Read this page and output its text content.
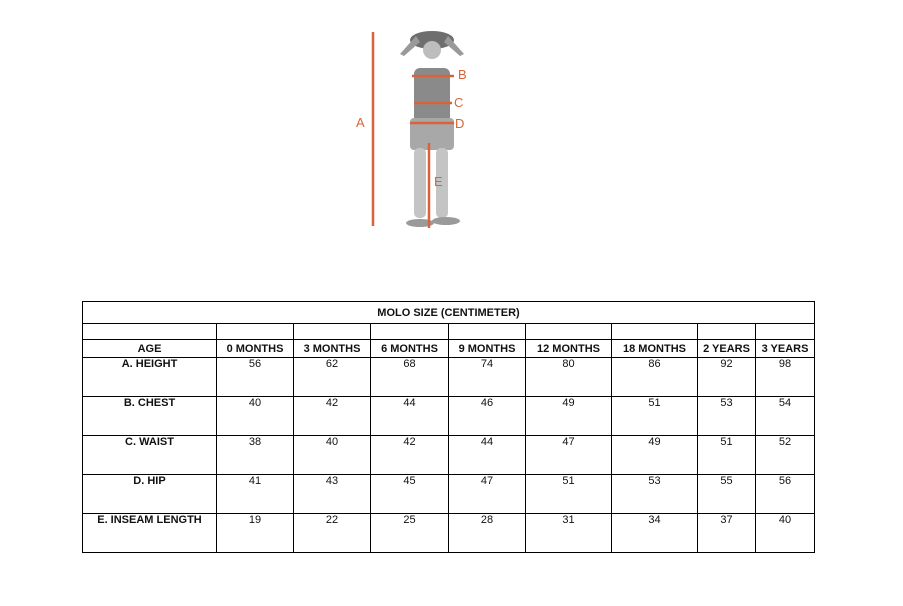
A
B
C
D
E
MOLO SIZE (CENTIMETER)								

AGE	0 MONTHS	3 MONTHS	6 MONTHS	9 MONTHS	12 MONTHS	18 MONTHS	2 YEARS	3 YEARS
A. HEIGHT	56	62	68	74	80	86	92	98
B. CHEST	40	42	44	46	49	51	53	54
C. WAIST	38	40	42	44	47	49	51	52
D. HIP	41	43	45	47	51	53	55	56
E. INSEAM LENGTH	19	22	25	28	31	34	37	40
